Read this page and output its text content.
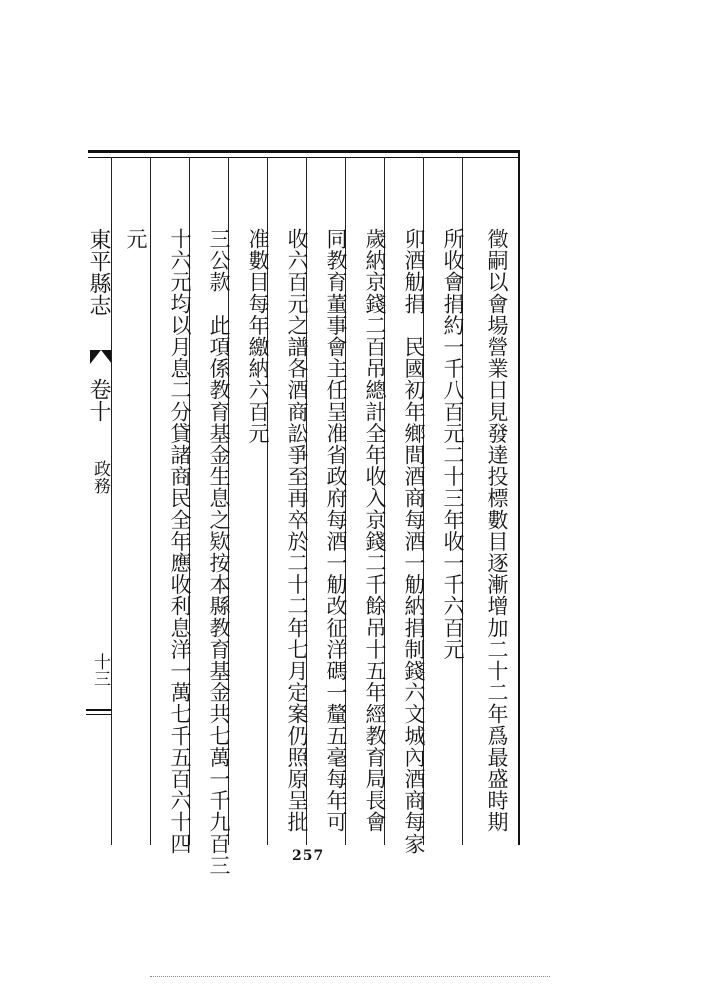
東平縣志
卷十
政務
十三	徵嗣以會場營業日見發達投標數目逐漸增加二十二年爲最盛時期
所收會捐約一千八百元二十三年收一千六百元
卯酒觔捐　民國初年鄉間酒商每酒一觔納捐制錢六文城內酒商每家
歲納京錢二百吊總計全年收入京錢二千餘吊十五年經教育局長會
同教育董事會主任呈准省政府每酒一觔改征洋碼一釐五毫每年可
收六百元之譜各酒商訟爭至再卒於二十二年七月定案仍照原呈批
准數目每年繳納六百元
三公款　此項係教育基金生息之欵按本縣教育基金共七萬一千九百三
十六元均以月息二分貸諸商民全年應收利息洋一萬七千五百六十四
元
257
